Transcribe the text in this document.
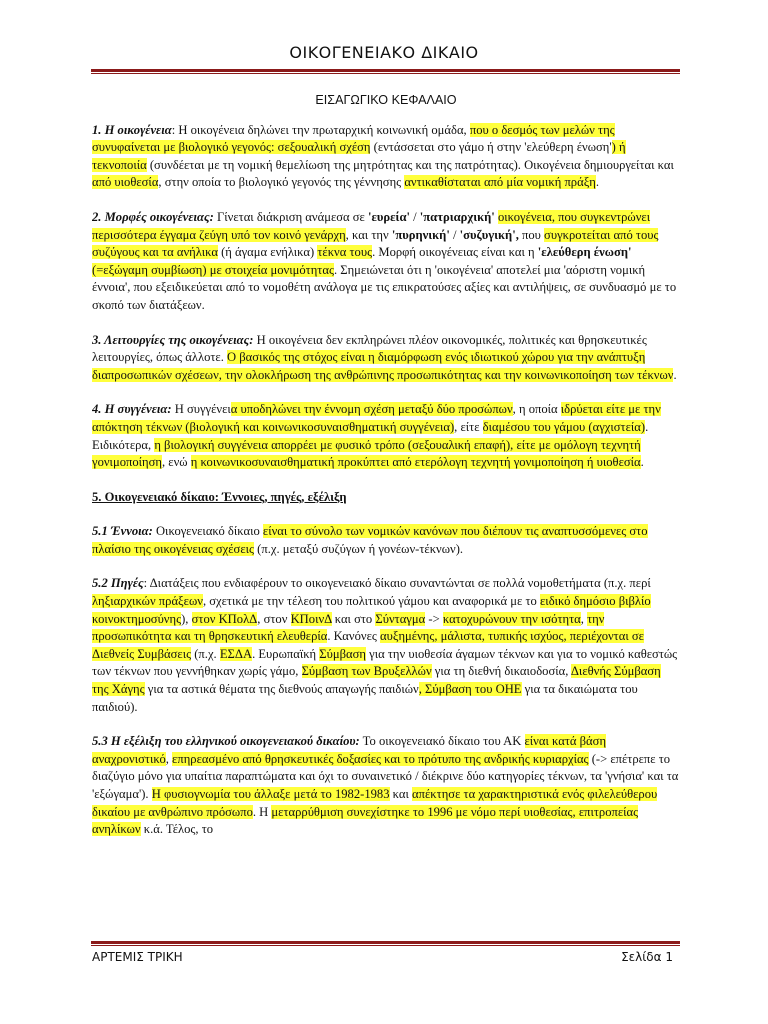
ΟΙΚΟΓΕΝΕΙΑΚΟ ΔΙΚΑΙΟ
ΕΙΣΑΓΩΓΙΚΟ ΚΕΦΑΛΑΙΟ

1. Η οικογένεια: Η οικογένεια δηλώνει την πρωταρχική κοινωνική ομάδα, που ο δεσμός των μελών της συνυφαίνεται με βιολογικό γεγονός: σεξουαλική σχέση (εντάσσεται στο γάμο ή στην 'ελεύθερη ένωση') ή τεκνοποιία (συνδέεται με τη νομική θεμελίωση της μητρότητας και της πατρότητας). Οικογένεια δημιουργείται και από υιοθεσία, στην οποία το βιολογικό γεγονός της γέννησης αντικαθίσταται από μία νομική πράξη.

2. Μορφές οικογένειας: Γίνεται διάκριση ανάμεσα σε 'ευρεία' / 'πατριαρχική' οικογένεια, που συγκεντρώνει περισσότερα έγγαμα ζεύγη υπό τον κοινό γενάρχη, και την 'πυρηνική' / 'συζυγική', που συγκροτείται από τους συζύγους και τα ανήλικα (ή άγαμα ενήλικα) τέκνα τους. Μορφή οικογένειας είναι και η 'ελεύθερη ένωση' (=εξώγαμη συμβίωση) με στοιχεία μονιμότητας. Σημειώνεται ότι η 'οικογένεια' αποτελεί μια 'αόριστη νομική έννοια', που εξειδικεύεται από το νομοθέτη ανάλογα με τις επικρατούσες αξίες και αντιλήψεις, σε συνδυασμό με το σκοπό των διατάξεων.

3. Λειτουργίες της οικογένειας: Η οικογένεια δεν εκπληρώνει πλέον οικονομικές, πολιτικές και θρησκευτικές λειτουργίες, όπως άλλοτε. Ο βασικός της στόχος είναι η διαμόρφωση ενός ιδιωτικού χώρου για την ανάπτυξη διαπροσωπικών σχέσεων, την ολοκλήρωση της ανθρώπινης προσωπικότητας και την κοινωνικοποίηση των τέκνων.

4. Η συγγένεια: Η συγγένεια υποδηλώνει την έννομη σχέση μεταξύ δύο προσώπων, η οποία ιδρύεται είτε με την απόκτηση τέκνων (βιολογική και κοινωνικοσυναισθηματική συγγένεια), είτε διαμέσου του γάμου (αγχιστεία). Ειδικότερα, η βιολογική συγγένεια απορρέει με φυσικό τρόπο (σεξουαλική επαφή), είτε με ομόλογη τεχνητή γονιμοποίηση, ενώ η κοινωνικοσυναισθηματική προκύπτει από ετερόλογη τεχνητή γονιμοποίηση ή υιοθεσία.

5. Οικογενειακό δίκαιο: Έννοιες, πηγές, εξέλιξη

5.1 Έννοια: Οικογενειακό δίκαιο είναι το σύνολο των νομικών κανόνων που διέπουν τις αναπτυσσόμενες στο πλαίσιο της οικογένειας σχέσεις (π.χ. μεταξύ συζύγων ή γονέων-τέκνων).

5.2 Πηγές: Διατάξεις που ενδιαφέρουν το οικογενειακό δίκαιο συναντώνται σε πολλά νομοθετήματα (π.χ. περί ληξιαρχικών πράξεων, σχετικά με την τέλεση του πολιτικού γάμου και αναφορικά με το ειδικό δημόσιο βιβλίο κοινοκτημοσύνης), στον ΚΠολΔ, στον ΚΠοινΔ και στο Σύνταγμα -> κατοχυρώνουν την ισότητα, την προσωπικότητα και τη θρησκευτική ελευθερία. Κανόνες αυξημένης, μάλιστα, τυπικής ισχύος, περιέχονται σε Διεθνείς Συμβάσεις (π.χ. ΕΣΔΑ. Ευρωπαϊκή Σύμβαση για την υιοθεσία άγαμων τέκνων και για το νομικό καθεστώς των τέκνων που γεννήθηκαν χωρίς γάμο, Σύμβαση των Βρυξελλών για τη διεθνή δικαιοδοσία, Διεθνής Σύμβαση της Χάγης για τα αστικά θέματα της διεθνούς απαγωγής παιδιών, Σύμβαση του ΟΗΕ για τα δικαιώματα του παιδιού).

5.3 Η εξέλιξη του ελληνικού οικογενειακού δικαίου: Το οικογενειακό δίκαιο του ΑΚ είναι κατά βάση αναχρονιστικό, επηρεασμένο από θρησκευτικές δοξασίες και το πρότυπο της ανδρικής κυριαρχίας (-> επέτρεπε το διαζύγιο μόνο για υπαίτια παραπτώματα και όχι το συναινετικό / διέκρινε δύο κατηγορίες τέκνων, τα 'γνήσια' και τα 'εξώγαμα'). Η φυσιογνωμία του άλλαξε μετά το 1982-1983 και απέκτησε τα χαρακτηριστικά ενός φιλελεύθερου δικαίου με ανθρώπινο πρόσωπο. Η μεταρρύθμιση συνεχίστηκε το 1996 με νόμο περί υιοθεσίας, επιτροπείας ανηλίκων κ.ά. Τέλος, το

ΑΡΤΕΜΙΣ ΤΡΙΚΗ	Σελίδα 1
